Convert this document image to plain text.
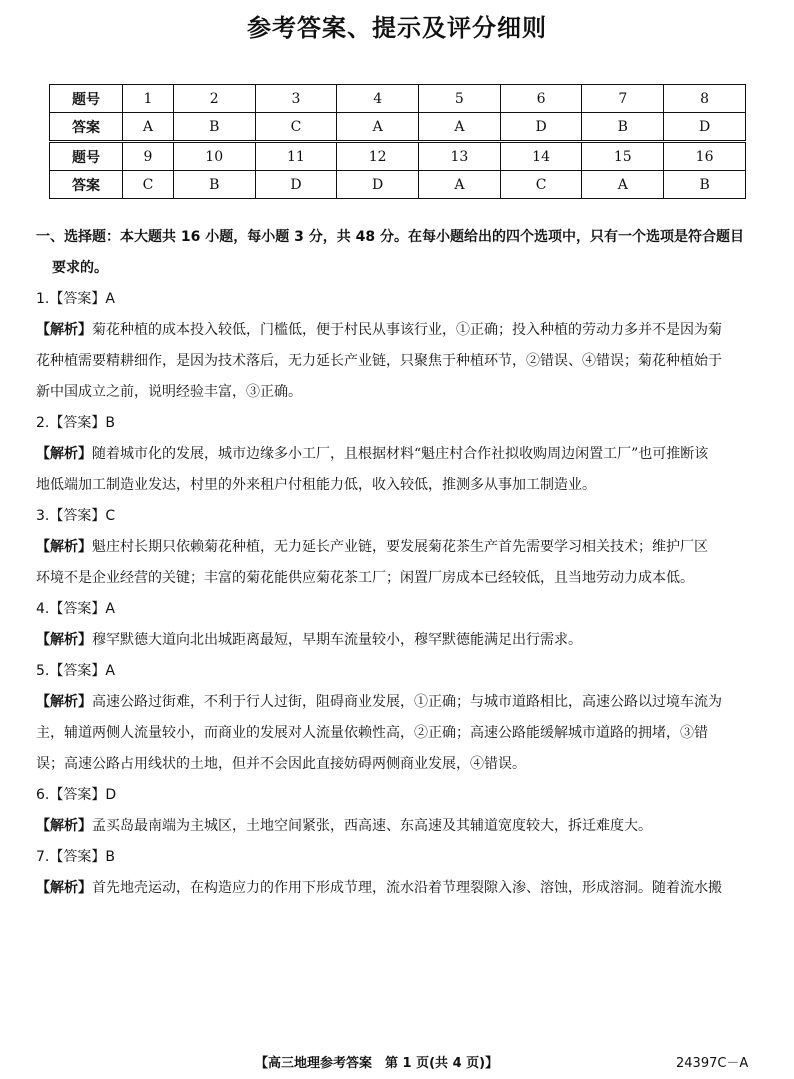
参考答案、提示及评分细则
题号	1	2	3	4	5	6	7	8
答案	A	B	C	A	A	D	B	D
题号	9	10	11	12	13	14	15	16
答案	C	B	D	D	A	C	A	B
一、选择题：本大题共 16 小题，每小题 3 分，共 48 分。在每小题给出的四个选项中，只有一个选项是符合题目
要求的。
1.【答案】A
【解析】菊花种植的成本投入较低，门槛低，便于村民从事该行业，①正确；投入种植的劳动力多并不是因为菊
花种植需要精耕细作，是因为技术落后，无力延长产业链，只聚焦于种植环节，②错误、④错误；菊花种植始于
新中国成立之前，说明经验丰富，③正确。
2.【答案】B
【解析】随着城市化的发展，城市边缘多小工厂，且根据材料“魁庄村合作社拟收购周边闲置工厂”也可推断该
地低端加工制造业发达，村里的外来租户付租能力低，收入较低，推测多从事加工制造业。
3.【答案】C
【解析】魁庄村长期只依赖菊花种植，无力延长产业链，要发展菊花茶生产首先需要学习相关技术；维护厂区
环境不是企业经营的关键；丰富的菊花能供应菊花茶工厂；闲置厂房成本已经较低，且当地劳动力成本低。
4.【答案】A
【解析】穆罕默德大道向北出城距离最短，早期车流量较小，穆罕默德能满足出行需求。
5.【答案】A
【解析】高速公路过街难，不利于行人过街，阻碍商业发展，①正确；与城市道路相比，高速公路以过境车流为
主，辅道两侧人流量较小，而商业的发展对人流量依赖性高，②正确；高速公路能缓解城市道路的拥堵，③错
误；高速公路占用线状的土地，但并不会因此直接妨碍两侧商业发展，④错误。
6.【答案】D
【解析】孟买岛最南端为主城区，土地空间紧张，西高速、东高速及其辅道宽度较大，拆迁难度大。
7.【答案】B
【解析】首先地壳运动，在构造应力的作用下形成节理，流水沿着节理裂隙入渗、溶蚀，形成溶洞。随着流水搬
【高三地理参考答案　第 1 页(共 4 页)】	24397C－A
